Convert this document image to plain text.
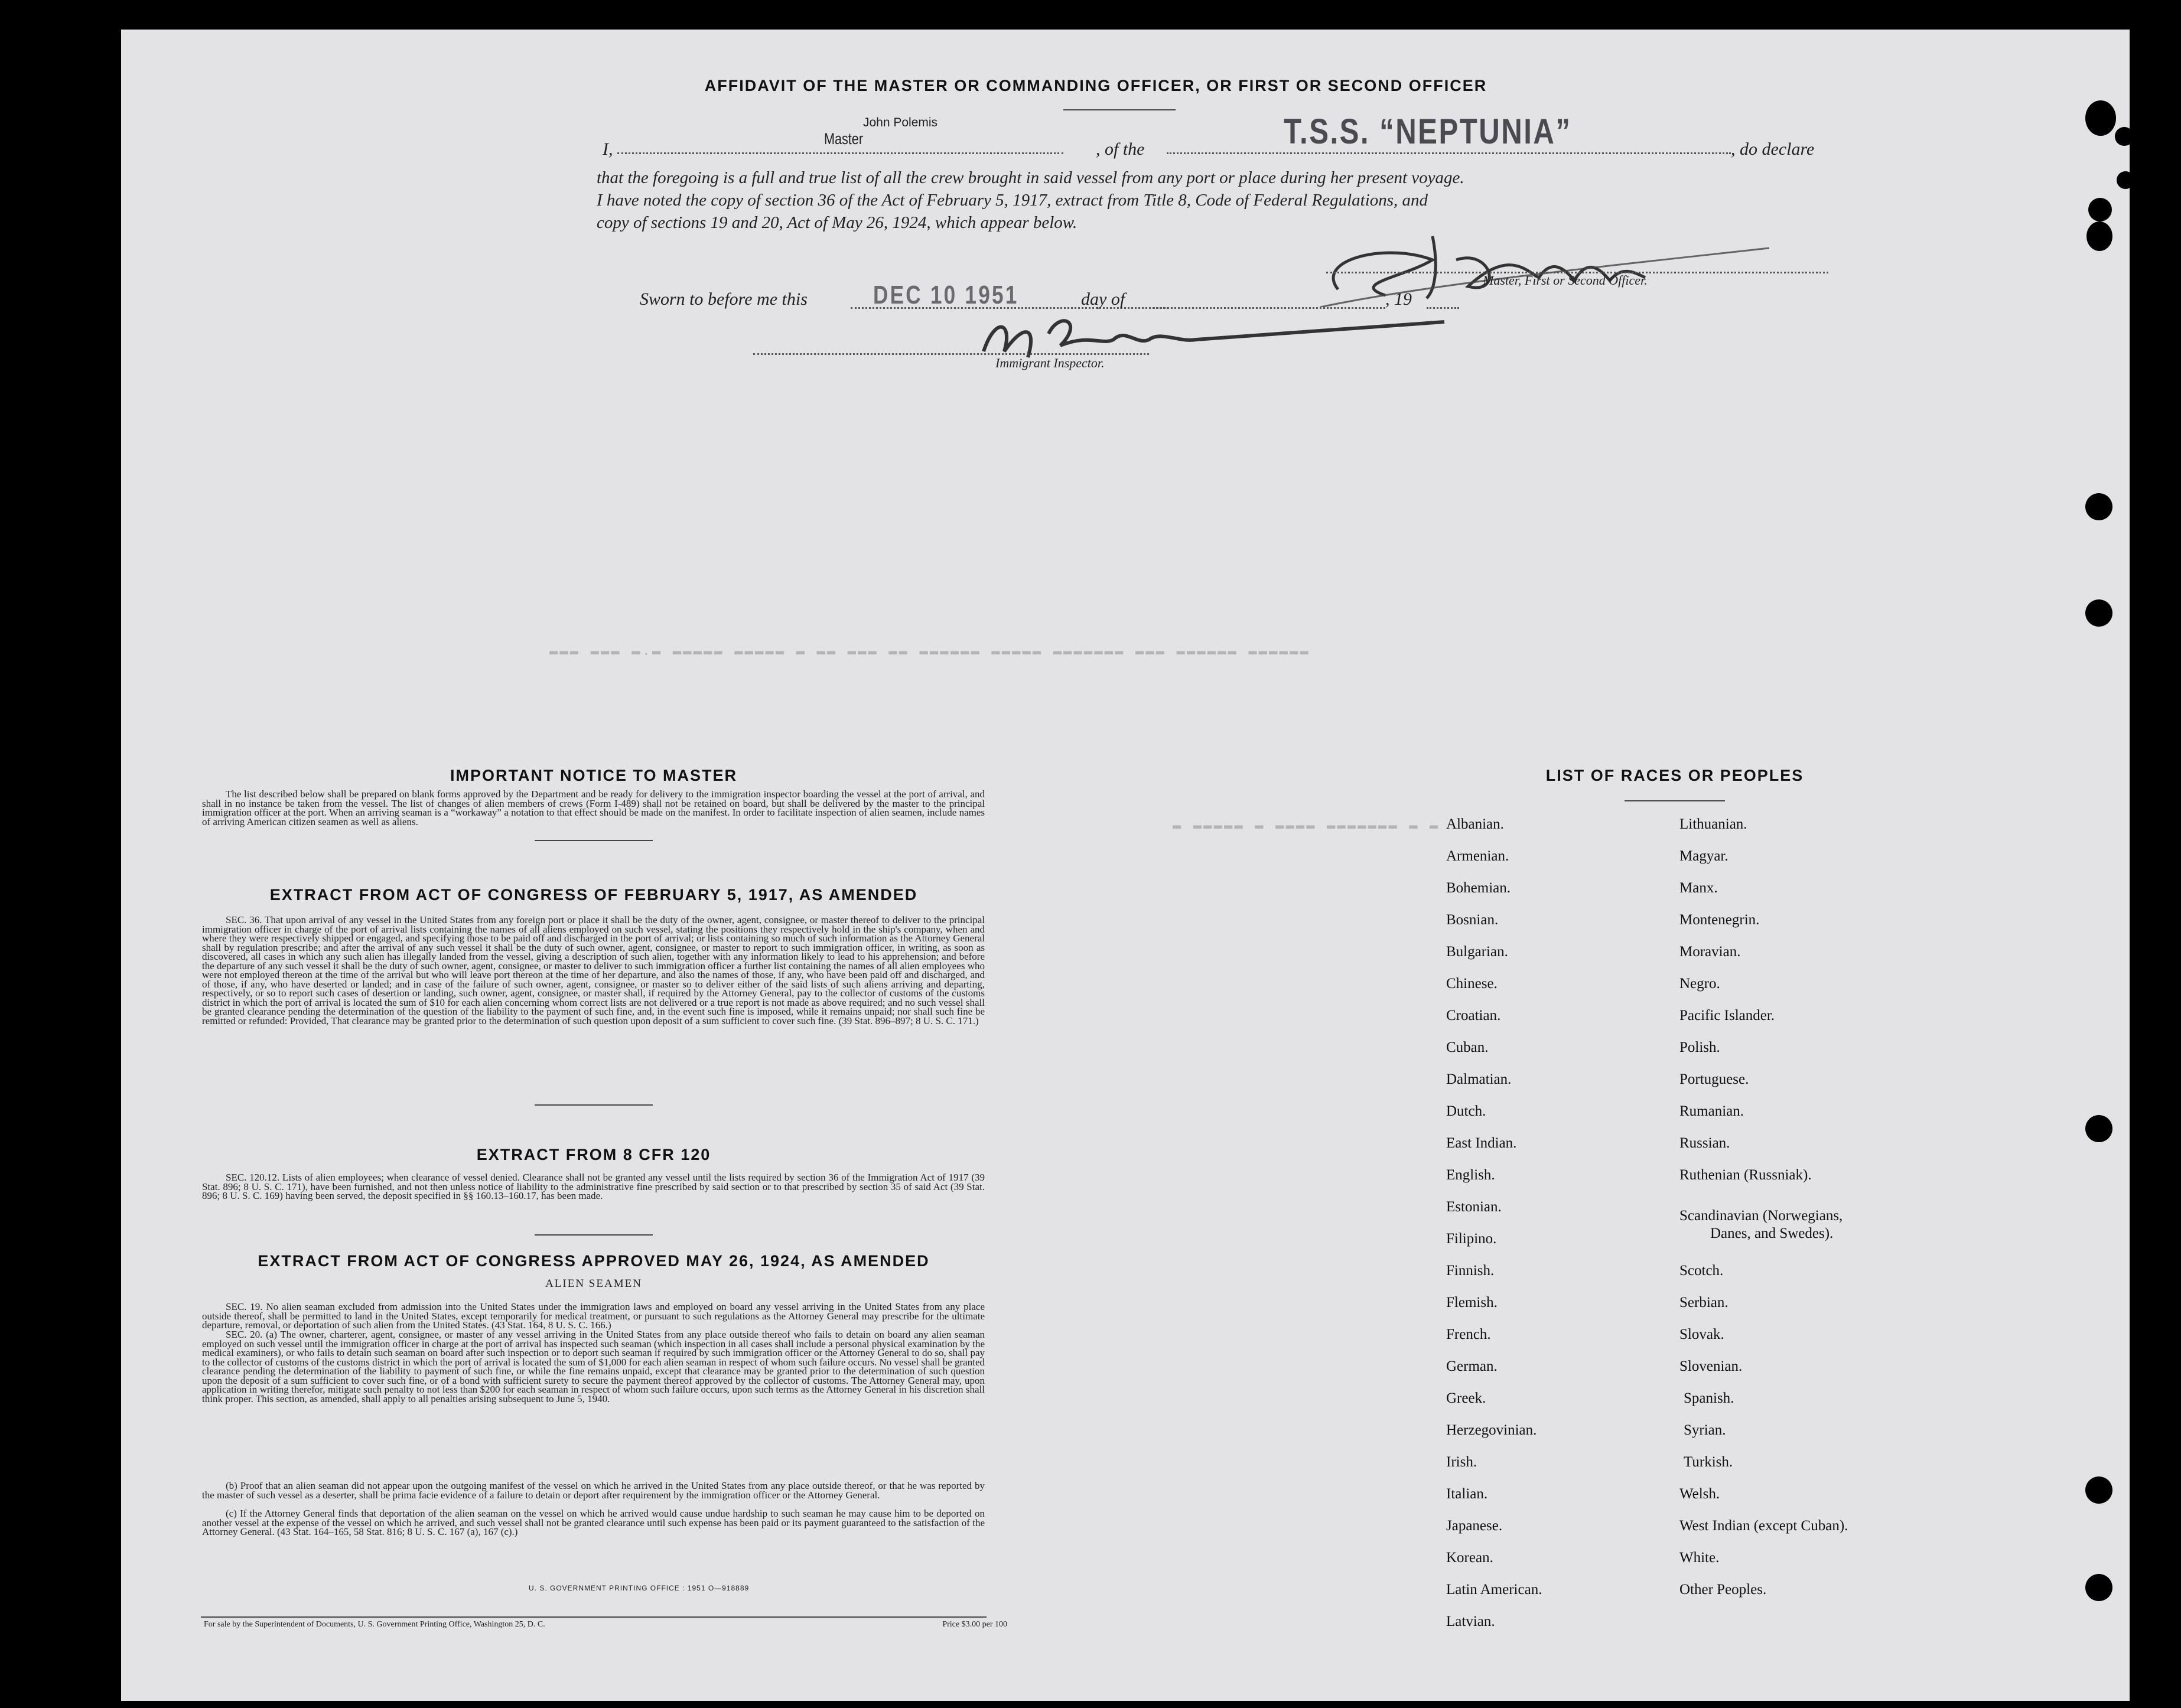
AFFIDAVIT OF THE MASTER OR COMMANDING OFFICER, OR FIRST OR SECOND OFFICER
John Polemis
I,
Master
, of the	T.S.S. “NEPTUNIA”	, do declare
that the foregoing is a full and true list of all the crew brought in said vessel from any port or place during her present voyage.
I have noted the copy of section 36 of the Act of February 5, 1917, extract from Title 8, Code of Federal Regulations, and
copy of sections 19 and 20, Act of May 26, 1924, which appear below.
Master, First or Second Officer.
Sworn to before me this	DEC 10 1951	day of	, 19
Immigrant Inspector.
▬▬▬ ▬▬▬ ▬.▬ ▬▬▬▬▬ ▬▬▬▬▬ ▬ ▬▬ ▬▬▬ ▬▬ ▬▬▬▬▬▬ ▬▬▬▬▬ ▬▬▬▬▬▬▬ ▬▬▬ ▬▬▬▬▬▬ ▬▬▬▬▬▬
▬ ▬▬▬▬▬ ▬ ▬▬▬▬ ▬▬▬▬▬▬▬ ▬ ▬
IMPORTANT NOTICE TO MASTER
The list described below shall be prepared on blank forms approved by the Department and be ready for delivery to the immigration inspector boarding the vessel at the port of arrival, and shall in no instance be taken from the vessel. The list of changes of alien members of crews (Form I-489) shall not be retained on board, but shall be delivered by the master to the principal immigration officer at the port. When an arriving seaman is a “workaway” a notation to that effect should be made on the manifest. In order to facilitate inspection of alien seamen, include names of arriving American citizen seamen as well as aliens.
EXTRACT FROM ACT OF CONGRESS OF FEBRUARY 5, 1917, AS AMENDED
SEC. 36. That upon arrival of any vessel in the United States from any foreign port or place it shall be the duty of the owner, agent, consignee, or master thereof to deliver to the principal immigration officer in charge of the port of arrival lists containing the names of all aliens employed on such vessel, stating the positions they respectively hold in the ship's company, when and where they were respectively shipped or engaged, and specifying those to be paid off and discharged in the port of arrival; or lists containing so much of such information as the Attorney General shall by regulation prescribe; and after the arrival of any such vessel it shall be the duty of such owner, agent, consignee, or master to report to such immigration officer, in writing, as soon as discovered, all cases in which any such alien has illegally landed from the vessel, giving a description of such alien, together with any information likely to lead to his apprehension; and before the departure of any such vessel it shall be the duty of such owner, agent, consignee, or master to deliver to such immigration officer a further list containing the names of all alien employees who were not employed thereon at the time of the arrival but who will leave port thereon at the time of her departure, and also the names of those, if any, who have been paid off and discharged, and of those, if any, who have deserted or landed; and in case of the failure of such owner, agent, consignee, or master so to deliver either of the said lists of such aliens arriving and departing, respectively, or so to report such cases of desertion or landing, such owner, agent, consignee, or master shall, if required by the Attorney General, pay to the collector of customs of the customs district in which the port of arrival is located the sum of $10 for each alien concerning whom correct lists are not delivered or a true report is not made as above required; and no such vessel shall be granted clearance pending the determination of the question of the liability to the payment of such fine, and, in the event such fine is imposed, while it remains unpaid; nor shall such fine be remitted or refunded: Provided, That clearance may be granted prior to the determination of such question upon deposit of a sum sufficient to cover such fine. (39 Stat. 896–897; 8 U. S. C. 171.)
EXTRACT FROM 8 CFR 120
SEC. 120.12. Lists of alien employees; when clearance of vessel denied. Clearance shall not be granted any vessel until the lists required by section 36 of the Immigration Act of 1917 (39 Stat. 896; 8 U. S. C. 171), have been furnished, and not then unless notice of liability to the administrative fine prescribed by said section or to that prescribed by section 35 of said Act (39 Stat. 896; 8 U. S. C. 169) having been served, the deposit specified in §§ 160.13–160.17, has been made.
EXTRACT FROM ACT OF CONGRESS APPROVED MAY 26, 1924, AS AMENDED
ALIEN SEAMEN
SEC. 19. No alien seaman excluded from admission into the United States under the immigration laws and employed on board any vessel arriving in the United States from any place outside thereof, shall be permitted to land in the United States, except temporarily for medical treatment, or pursuant to such regulations as the Attorney General may prescribe for the ultimate departure, removal, or deportation of such alien from the United States. (43 Stat. 164, 8 U. S. C. 166.)
SEC. 20. (a) The owner, charterer, agent, consignee, or master of any vessel arriving in the United States from any place outside thereof who fails to detain on board any alien seaman employed on such vessel until the immigration officer in charge at the port of arrival has inspected such seaman (which inspection in all cases shall include a personal physical examination by the medical examiners), or who fails to detain such seaman on board after such inspection or to deport such seaman if required by such immigration officer or the Attorney General to do so, shall pay to the collector of customs of the customs district in which the port of arrival is located the sum of $1,000 for each alien seaman in respect of whom such failure occurs. No vessel shall be granted clearance pending the determination of the liability to payment of such fine, or while the fine remains unpaid, except that clearance may be granted prior to the determination of such question upon the deposit of a sum sufficient to cover such fine, or of a bond with sufficient surety to secure the payment thereof approved by the collector of customs. The Attorney General may, upon application in writing therefor, mitigate such penalty to not less than $200 for each seaman in respect of whom such failure occurs, upon such terms as the Attorney General in his discretion shall think proper. This section, as amended, shall apply to all penalties arising subsequent to June 5, 1940.
(b) Proof that an alien seaman did not appear upon the outgoing manifest of the vessel on which he arrived in the United States from any place outside thereof, or that he was reported by the master of such vessel as a deserter, shall be prima facie evidence of a failure to detain or deport after requirement by the immigration officer or the Attorney General.
(c) If the Attorney General finds that deportation of the alien seaman on the vessel on which he arrived would cause undue hardship to such seaman he may cause him to be deported on another vessel at the expense of the vessel on which he arrived, and such vessel shall not be granted clearance until such expense has been paid or its payment guaranteed to the satisfaction of the Attorney General. (43 Stat. 164–165, 58 Stat. 816; 8 U. S. C. 167 (a), 167 (c).)
U. S. GOVERNMENT PRINTING OFFICE : 1951 O—918889
For sale by the Superintendent of Documents, U. S. Government Printing Office, Washington 25, D. C.	Price $3.00 per 100
LIST OF RACES OR PEOPLES
Albanian.
Armenian.
Bohemian.
Bosnian.
Bulgarian.
Chinese.
Croatian.
Cuban.
Dalmatian.
Dutch.
East Indian.
English.
Estonian.
Filipino.
Finnish.
Flemish.
French.
German.
Greek.
Herzegovinian.
Irish.
Italian.
Japanese.
Korean.
Latin American.
Latvian.
Lithuanian.
Magyar.
Manx.
Montenegrin.
Moravian.
Negro.
Pacific Islander.
Polish.
Portuguese.
Rumanian.
Russian.
Ruthenian (Russniak).
Scandinavian (Norwegians,
Danes, and Swedes).
Scotch.
Serbian.
Slovak.
Slovenian.
Spanish.
Syrian.
Turkish.
Welsh.
West Indian (except Cuban).
White.
Other Peoples.
